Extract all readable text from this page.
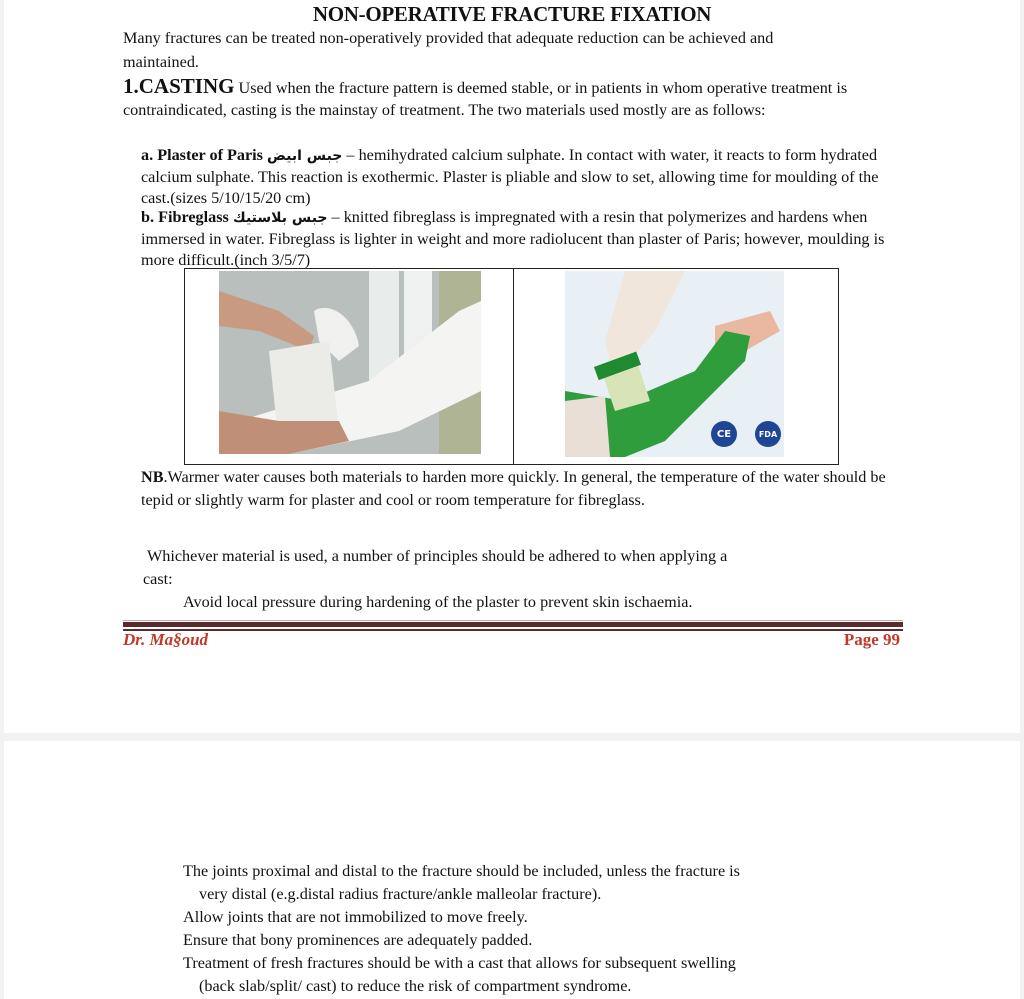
NON-OPERATIVE FRACTURE FIXATION
Many fractures can be treated non-operatively provided that adequate reduction can be achieved and
maintained.
1.CASTING Used when the fracture pattern is deemed stable, or in patients in whom operative treatment is contraindicated, casting is the mainstay of treatment. The two materials used mostly are as follows:
a. Plaster of Paris جبس ابيض – hemihydrated calcium sulphate. In contact with water, it reacts to form hydrated calcium sulphate. This reaction is exothermic. Plaster is pliable and slow to set, allowing time for moulding of the cast.(sizes 5/10/15/20 cm)
b. Fibreglass جبس بلاستيك – knitted fibreglass is impregnated with a resin that polymerizes and hardens when immersed in water. Fibreglass is lighter in weight and more radiolucent than plaster of Paris; however, moulding is more difficult.(inch 3/5/7)
CE	FDA
NB.Warmer water causes both materials to harden more quickly. In general, the temperature of the water should be tepid or slightly warm for plaster and cool or room temperature for fibreglass.
Whichever material is used, a number of principles should be adhered to when applying a
cast:
Avoid local pressure during hardening of the plaster to prevent skin ischaemia.
Dr. Ma§oud	Page 99
The joints proximal and distal to the fracture should be included, unless the fracture is
very distal (e.g.distal radius fracture/ankle malleolar fracture).
Allow joints that are not immobilized to move freely.
Ensure that bony prominences are adequately padded.
Treatment of fresh fractures should be with a cast that allows for subsequent swelling
(back slab/split/ cast) to reduce the risk of compartment syndrome.
